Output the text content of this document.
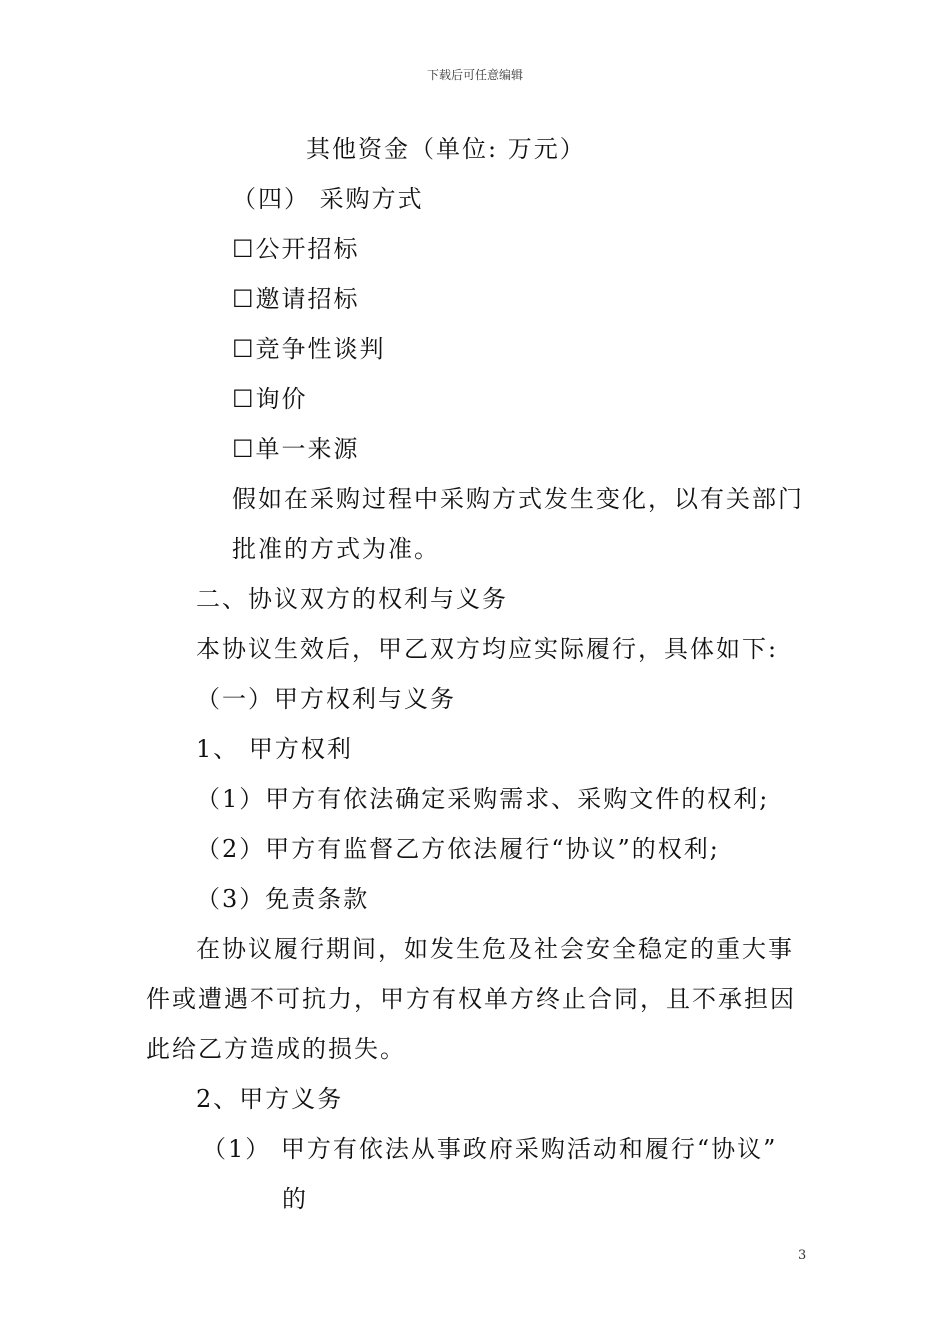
下载后可任意编辑
其他资金（单位: 万元）
（四） 采购方式
☐公开招标
☐邀请招标
☐竞争性谈判
☐询价
☐单一来源
假如在采购过程中采购方式发生变化，以有关部门
批准的方式为准。
二、协议双方的权利与义务
本协议生效后，甲乙双方均应实际履行，具体如下:
（一）甲方权利与义务
1、 甲方权利
（1）甲方有依法确定采购需求、采购文件的权利;
（2）甲方有监督乙方依法履行“协议”的权利;
（3）免责条款
在协议履行期间，如发生危及社会安全稳定的重大事
件或遭遇不可抗力，甲方有权单方终止合同，且不承担因
此给乙方造成的损失。
2、甲方义务
（1） 甲方有依法从事政府采购活动和履行“协议”
的
3
